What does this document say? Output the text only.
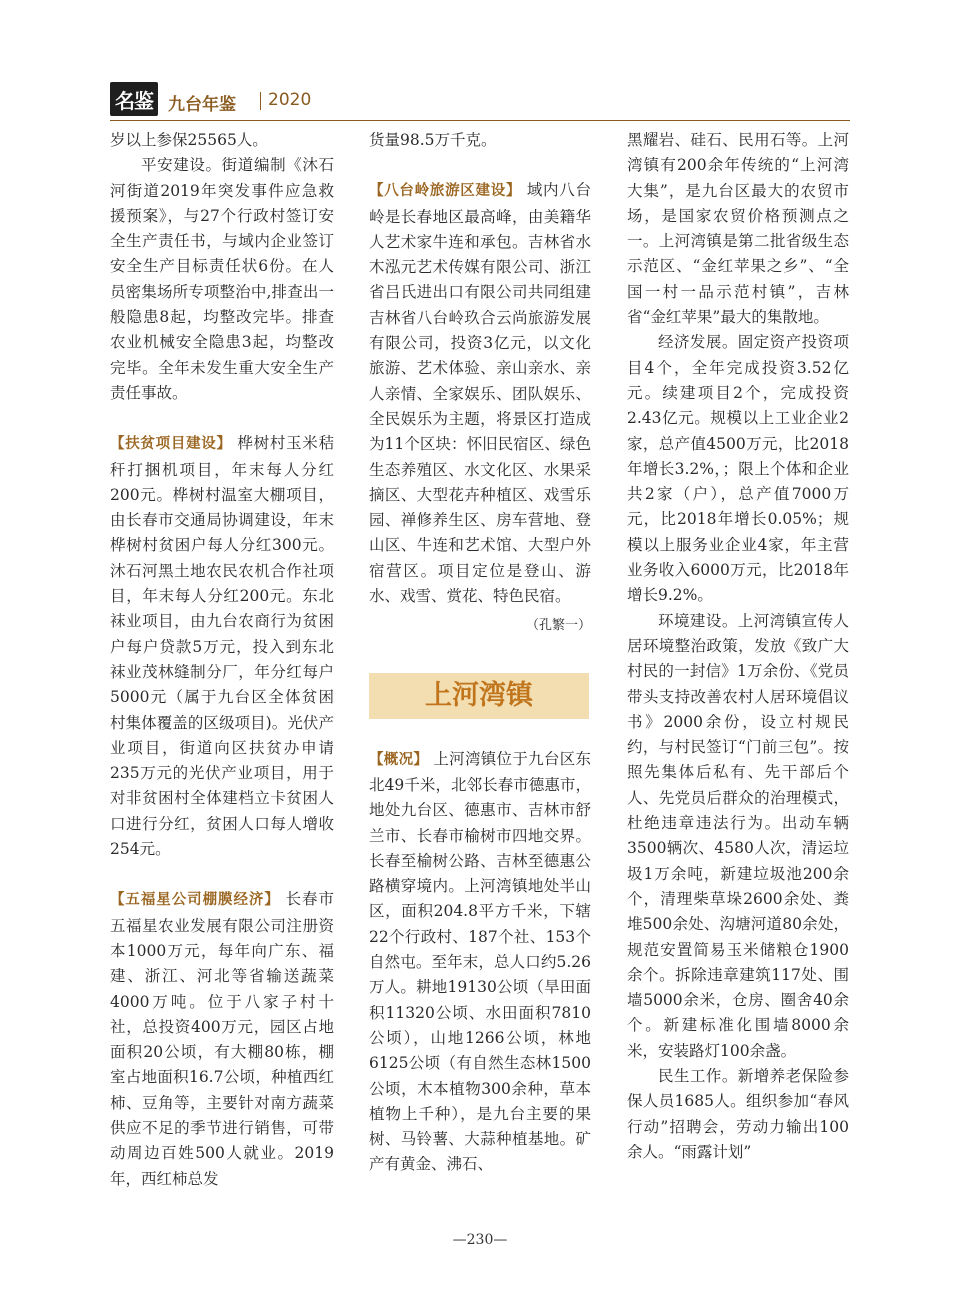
名鉴 九台年鉴 2020

岁以上参保25565人。

平安建设。街道编制《沐石河街道2019年突发事件应急救援预案》，与27个行政村签订安全生产责任书，与域内企业签订安全生产目标责任状6份。在人员密集场所专项整治中,排查出一般隐患8起，均整改完毕。排查农业机械安全隐患3起，均整改完毕。全年未发生重大安全生产责任事故。

【扶贫项目建设】 桦树村玉米秸秆打捆机项目，年末每人分红200元。桦树村温室大棚项目，由长春市交通局协调建设，年末桦树村贫困户每人分红300元。沐石河黑土地农民农机合作社项目，年末每人分红200元。东北袜业项目，由九台农商行为贫困户每户贷款5万元，投入到东北袜业茂林缝制分厂，年分红每户5000元（属于九台区全体贫困村集体覆盖的区级项目)。光伏产业项目，街道向区扶贫办申请235万元的光伏产业项目，用于对非贫困村全体建档立卡贫困人口进行分红，贫困人口每人增收254元。

【五福星公司棚膜经济】 长春市五福星农业发展有限公司注册资本1000万元，每年向广东、福建、浙江、河北等省输送蔬菜4000万吨。位于八家子村十社，总投资400万元，园区占地面积20公顷，有大棚80栋，棚室占地面积16.7公顷，种植西红柿、豆角等，主要针对南方蔬菜供应不足的季节进行销售，可带动周边百姓500人就业。2019年，西红柿总发

货量98.5万千克。

【八台岭旅游区建设】 域内八台岭是长春地区最高峰，由美籍华人艺术家牛连和承包。吉林省水木泓元艺术传媒有限公司、浙江省吕氏进出口有限公司共同组建吉林省八台岭玖合云尚旅游发展有限公司，投资3亿元，以文化旅游、艺术体验、亲山亲水、亲人亲情、全家娱乐、团队娱乐、全民娱乐为主题，将景区打造成为11个区块：怀旧民宿区、绿色生态养殖区、水文化区、水果采摘区、大型花卉种植区、戏雪乐园、禅修养生区、房车营地、登山区、牛连和艺术馆、大型户外宿营区。项目定位是登山、游水、戏雪、赏花、特色民宿。

（孔繁一）

上河湾镇

【概况】 上河湾镇位于九台区东北49千米，北邻长春市德惠市，地处九台区、德惠市、吉林市舒兰市、长春市榆树市四地交界。长春至榆树公路、吉林至德惠公路横穿境内。上河湾镇地处半山区，面积204.8平方千米，下辖22个行政村、187个社、153个自然屯。至年末，总人口约5.26万人。耕地19130公顷（旱田面积11320公顷、水田面积7810公顷），山地1266公顷，林地6125公顷（有自然生态林1500公顷，木本植物300余种，草本植物上千种），是九台主要的果树、马铃薯、大蒜种植基地。矿产有黄金、沸石、

黑耀岩、硅石、民用石等。上河湾镇有200余年传统的“上河湾大集”，是九台区最大的农贸市场，是国家农贸价格预测点之一。上河湾镇是第二批省级生态示范区、“金红苹果之乡”、“全国一村一品示范村镇”，吉林省“金红苹果”最大的集散地。

经济发展。固定资产投资项目4个，全年完成投资3.52亿元。续建项目2个，完成投资2.43亿元。规模以上工业企业2家，总产值4500万元，比2018年增长3.2%，；限上个体和企业共2家（户），总产值7000万元，比2018年增长0.05%；规模以上服务业企业4家，年主营业务收入6000万元，比2018年增长9.2%。

环境建设。上河湾镇宣传人居环境整治政策，发放《致广大村民的一封信》1万余份、《党员带头支持改善农村人居环境倡议书》2000余份，设立村规民约，与村民签订“门前三包”。按照先集体后私有、先干部后个人、先党员后群众的治理模式，杜绝违章违法行为。出动车辆3500辆次、4580人次，清运垃圾1万余吨，新建垃圾池200余个，清理柴草垛2600余处、粪堆500余处、沟塘河道80余处，规范安置简易玉米储粮仓1900余个。拆除违章建筑117处、围墙5000余米，仓房、圈舍40余个。新建标准化围墙8000余米，安装路灯100余盏。

民生工作。新增养老保险参保人员1685人。组织参加“春风行动”招聘会，劳动力输出100余人。“雨露计划”

—230—
